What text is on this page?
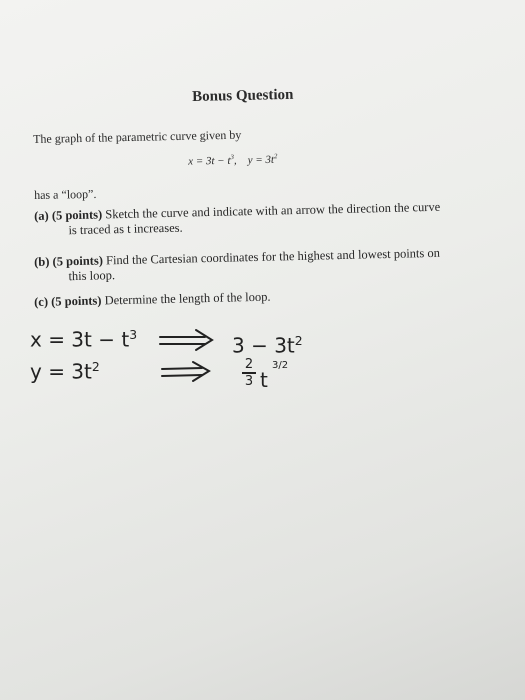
Bonus Question
The graph of the parametric curve given by
$x = 3t - t^3$, $y = 3t^2$
has a “loop”.
(a) (5 points) Sketch the curve and indicate with an arrow the direction the curve
is traced as t increases.
(b) (5 points) Find the Cartesian coordinates for the highest and lowest points on
this loop.
(c) (5 points) Determine the length of the loop.
$x = 3t - t^3$
$y = 3t^2$
$3 - 3t^2$
2
3 t
3/2
